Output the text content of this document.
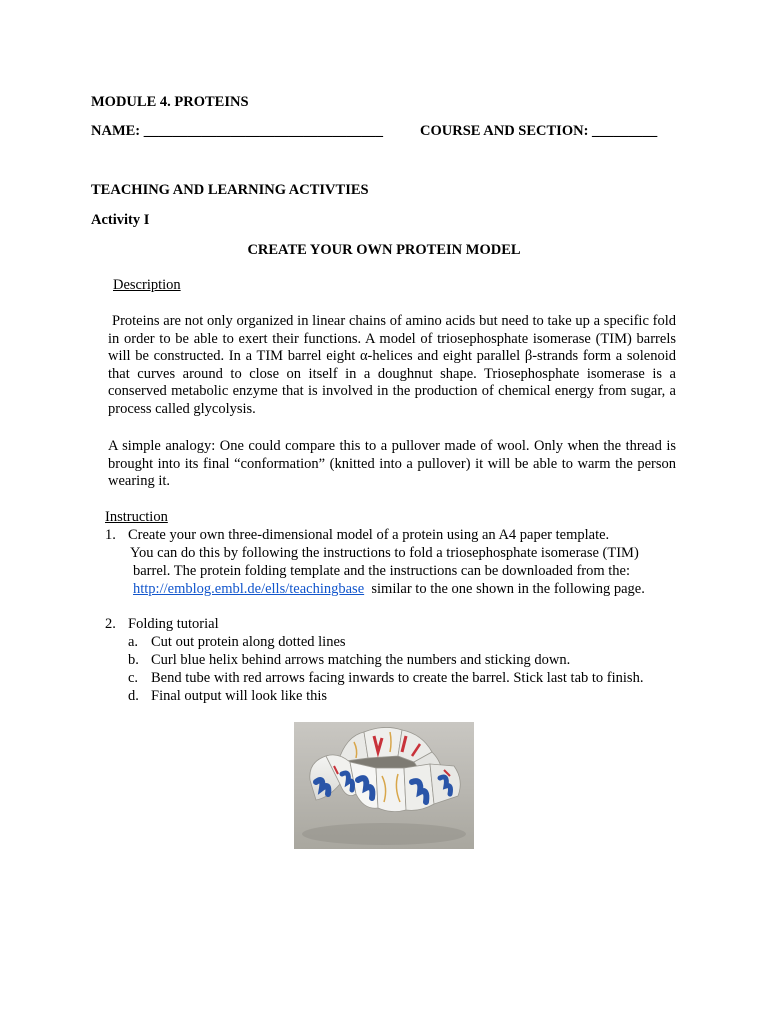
MODULE 4. PROTEINS
NAME: _________________________________	COURSE AND SECTION: _________
TEACHING AND LEARNING ACTIVTIES
Activity I
CREATE YOUR OWN PROTEIN MODEL
Description
Proteins are not only organized in linear chains of amino acids but need to take up a specific fold in order to be able to exert their functions. A model of triosephosphate isomerase (TIM) barrels will be constructed. In a TIM barrel eight α-helices and eight parallel β-strands form a solenoid that curves around to close on itself in a doughnut shape. Triosephosphate isomerase is a conserved metabolic enzyme that is involved in the production of chemical energy from sugar, a process called glycolysis.
A simple analogy: One could compare this to a pullover made of wool. Only when the thread is brought into its final “conformation” (knitted into a pullover) it will be able to warm the person wearing it.
Instruction
1. Create your own three-dimensional model of a protein using an A4 paper template.
You can do this by following the instructions to fold a triosephosphate isomerase (TIM)
barrel. The protein folding template and the instructions can be downloaded from the:
http://emblog.embl.de/ells/teachingbase similar to the one shown in the following page.
2. Folding tutorial
a. Cut out protein along dotted lines
b. Curl blue helix behind arrows matching the numbers and sticking down.
c. Bend tube with red arrows facing inwards to create the barrel. Stick last tab to finish.
d. Final output will look like this
